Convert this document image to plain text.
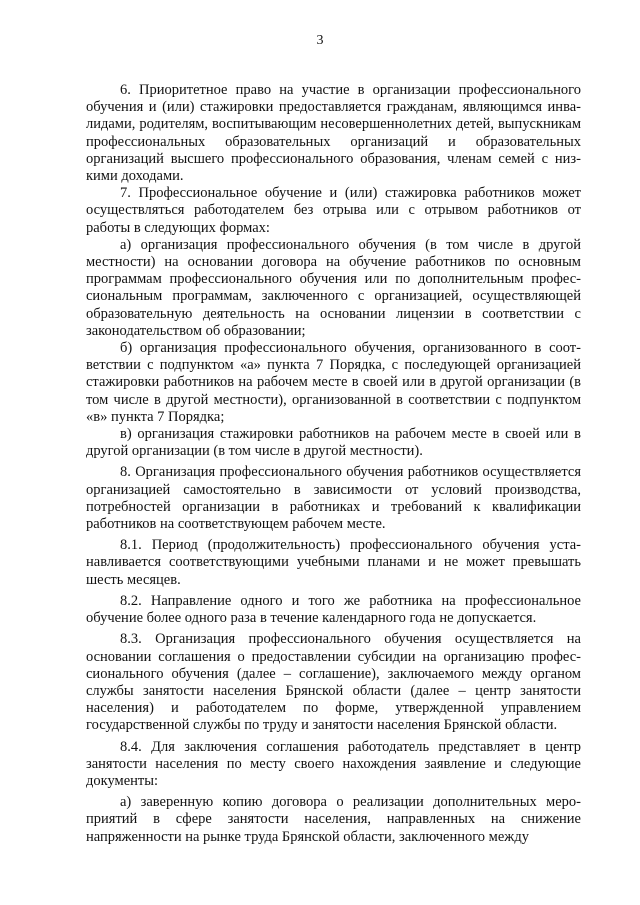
3

6. Приоритетное право на участие в организации профессионального обучения и (или) стажировки предоставляется гражданам, являющимся инвалидами, родителям, воспитывающим несовершеннолетних детей, выпускникам профессиональных образовательных организаций и образовательных организаций высшего профессионального образования, членам семей с низкими доходами.

7. Профессиональное обучение и (или) стажировка работников может осуществляться работодателем без отрыва или с отрывом работников от работы в следующих формах:

а) организация профессионального обучения (в том числе в другой местности) на основании договора на обучение работников по основным программам профессионального обучения или по дополнительным профессиональным программам, заключенного с организацией, осуществляющей образовательную деятельность на основании лицензии в соответствии с законодательством об образовании;

б) организация профессионального обучения, организованного в соответствии с подпунктом «а» пункта 7 Порядка, с последующей организацией стажировки работников на рабочем месте в своей или в другой организации (в том числе в другой местности), организованной в соответствии с подпунктом «в» пункта 7 Порядка;

в) организация стажировки работников на рабочем месте в своей или в другой организации (в том числе в другой местности).

8. Организация профессионального обучения работников осуществляется организацией самостоятельно в зависимости от условий производства, потребностей организации в работниках и требований к квалификации работников на соответствующем рабочем месте.

8.1. Период (продолжительность) профессионального обучения устанавливается соответствующими учебными планами и не может превышать шесть месяцев.

8.2. Направление одного и того же работника на профессиональное обучение более одного раза в течение календарного года не допускается.

8.3. Организация профессионального обучения осуществляется на основании соглашения о предоставлении субсидии на организацию профессионального обучения (далее – соглашение), заключаемого между органом службы занятости населения Брянской области (далее – центр занятости населения) и работодателем по форме, утвержденной управлением государственной службы по труду и занятости населения Брянской области.

8.4. Для заключения соглашения работодатель представляет в центр занятости населения по месту своего нахождения заявление и следующие документы:

а) заверенную копию договора о реализации дополнительных мероприятий в сфере занятости населения, направленных на снижение напряженности на рынке труда Брянской области, заключенного между
